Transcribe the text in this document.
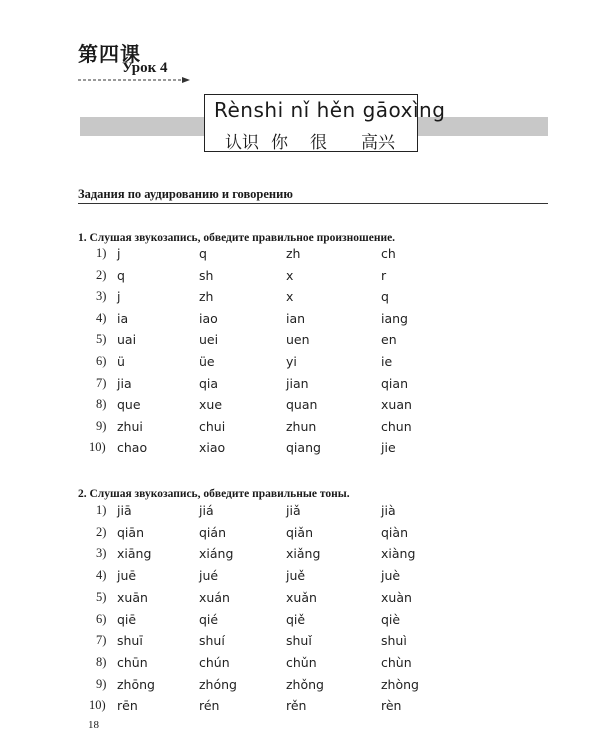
第四课
Урок 4
Rènshi nǐ hěn gāoxìng
认识 你 很 高兴
Задания по аудированию и говорению
1. Слушая звукозапись, обведите правильное произношение.
1) j	q	zh	ch
2) q	sh	x	r
3) j	zh	x	q
4) ia	iao	ian	iang
5) uai	uei	uen	en
6) ü	üe	yi	ie
7) jia	qia	jian	qian
8) que	xue	quan	xuan
9) zhui	chui	zhun	chun
10) chao	xiao	qiang	jie
2. Слушая звукозапись, обведите правильные тоны.
1) jiā	jiá	jiǎ	jià
2) qiān	qián	qiǎn	qiàn
3) xiāng	xiáng	xiǎng	xiàng
4) juē	jué	juě	juè
5) xuān	xuán	xuǎn	xuàn
6) qiē	qié	qiě	qiè
7) shuī	shuí	shuǐ	shuì
8) chūn	chún	chǔn	chùn
9) zhōng	zhóng	zhǒng	zhòng
10) rēn	rén	rěn	rèn
18
